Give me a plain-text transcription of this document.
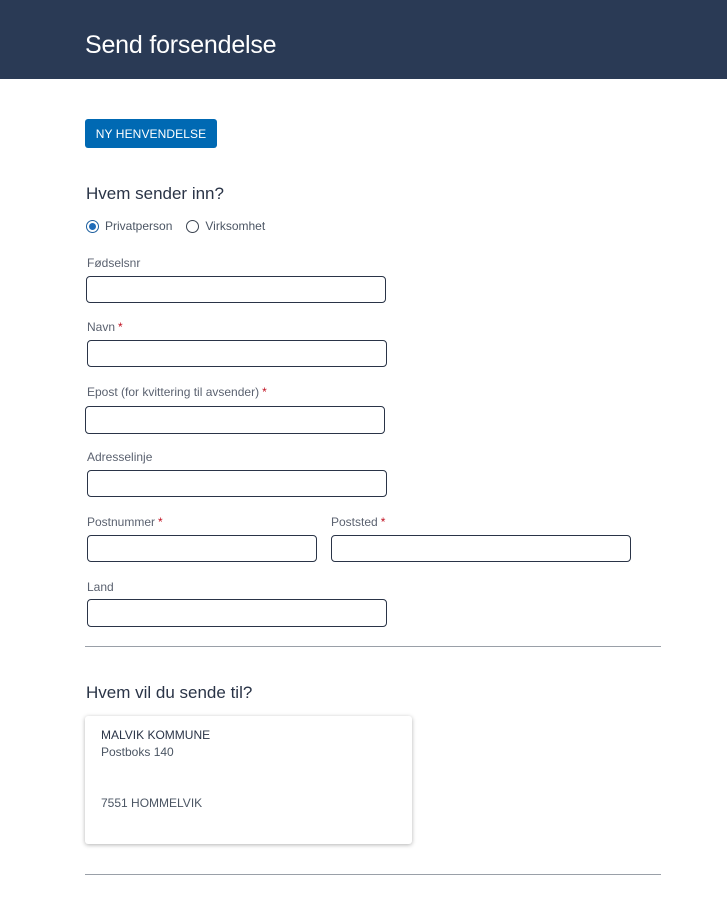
Send forsendelse
NY HENVENDELSE
Hvem sender inn?
Privatperson	Virksomhet
Fødselsnr
Navn *
Epost (for kvittering til avsender) *
Adresselinje
Postnummer *	Poststed *
Land
Hvem vil du sende til?
MALVIK KOMMUNE
Postboks 140
7551 HOMMELVIK
